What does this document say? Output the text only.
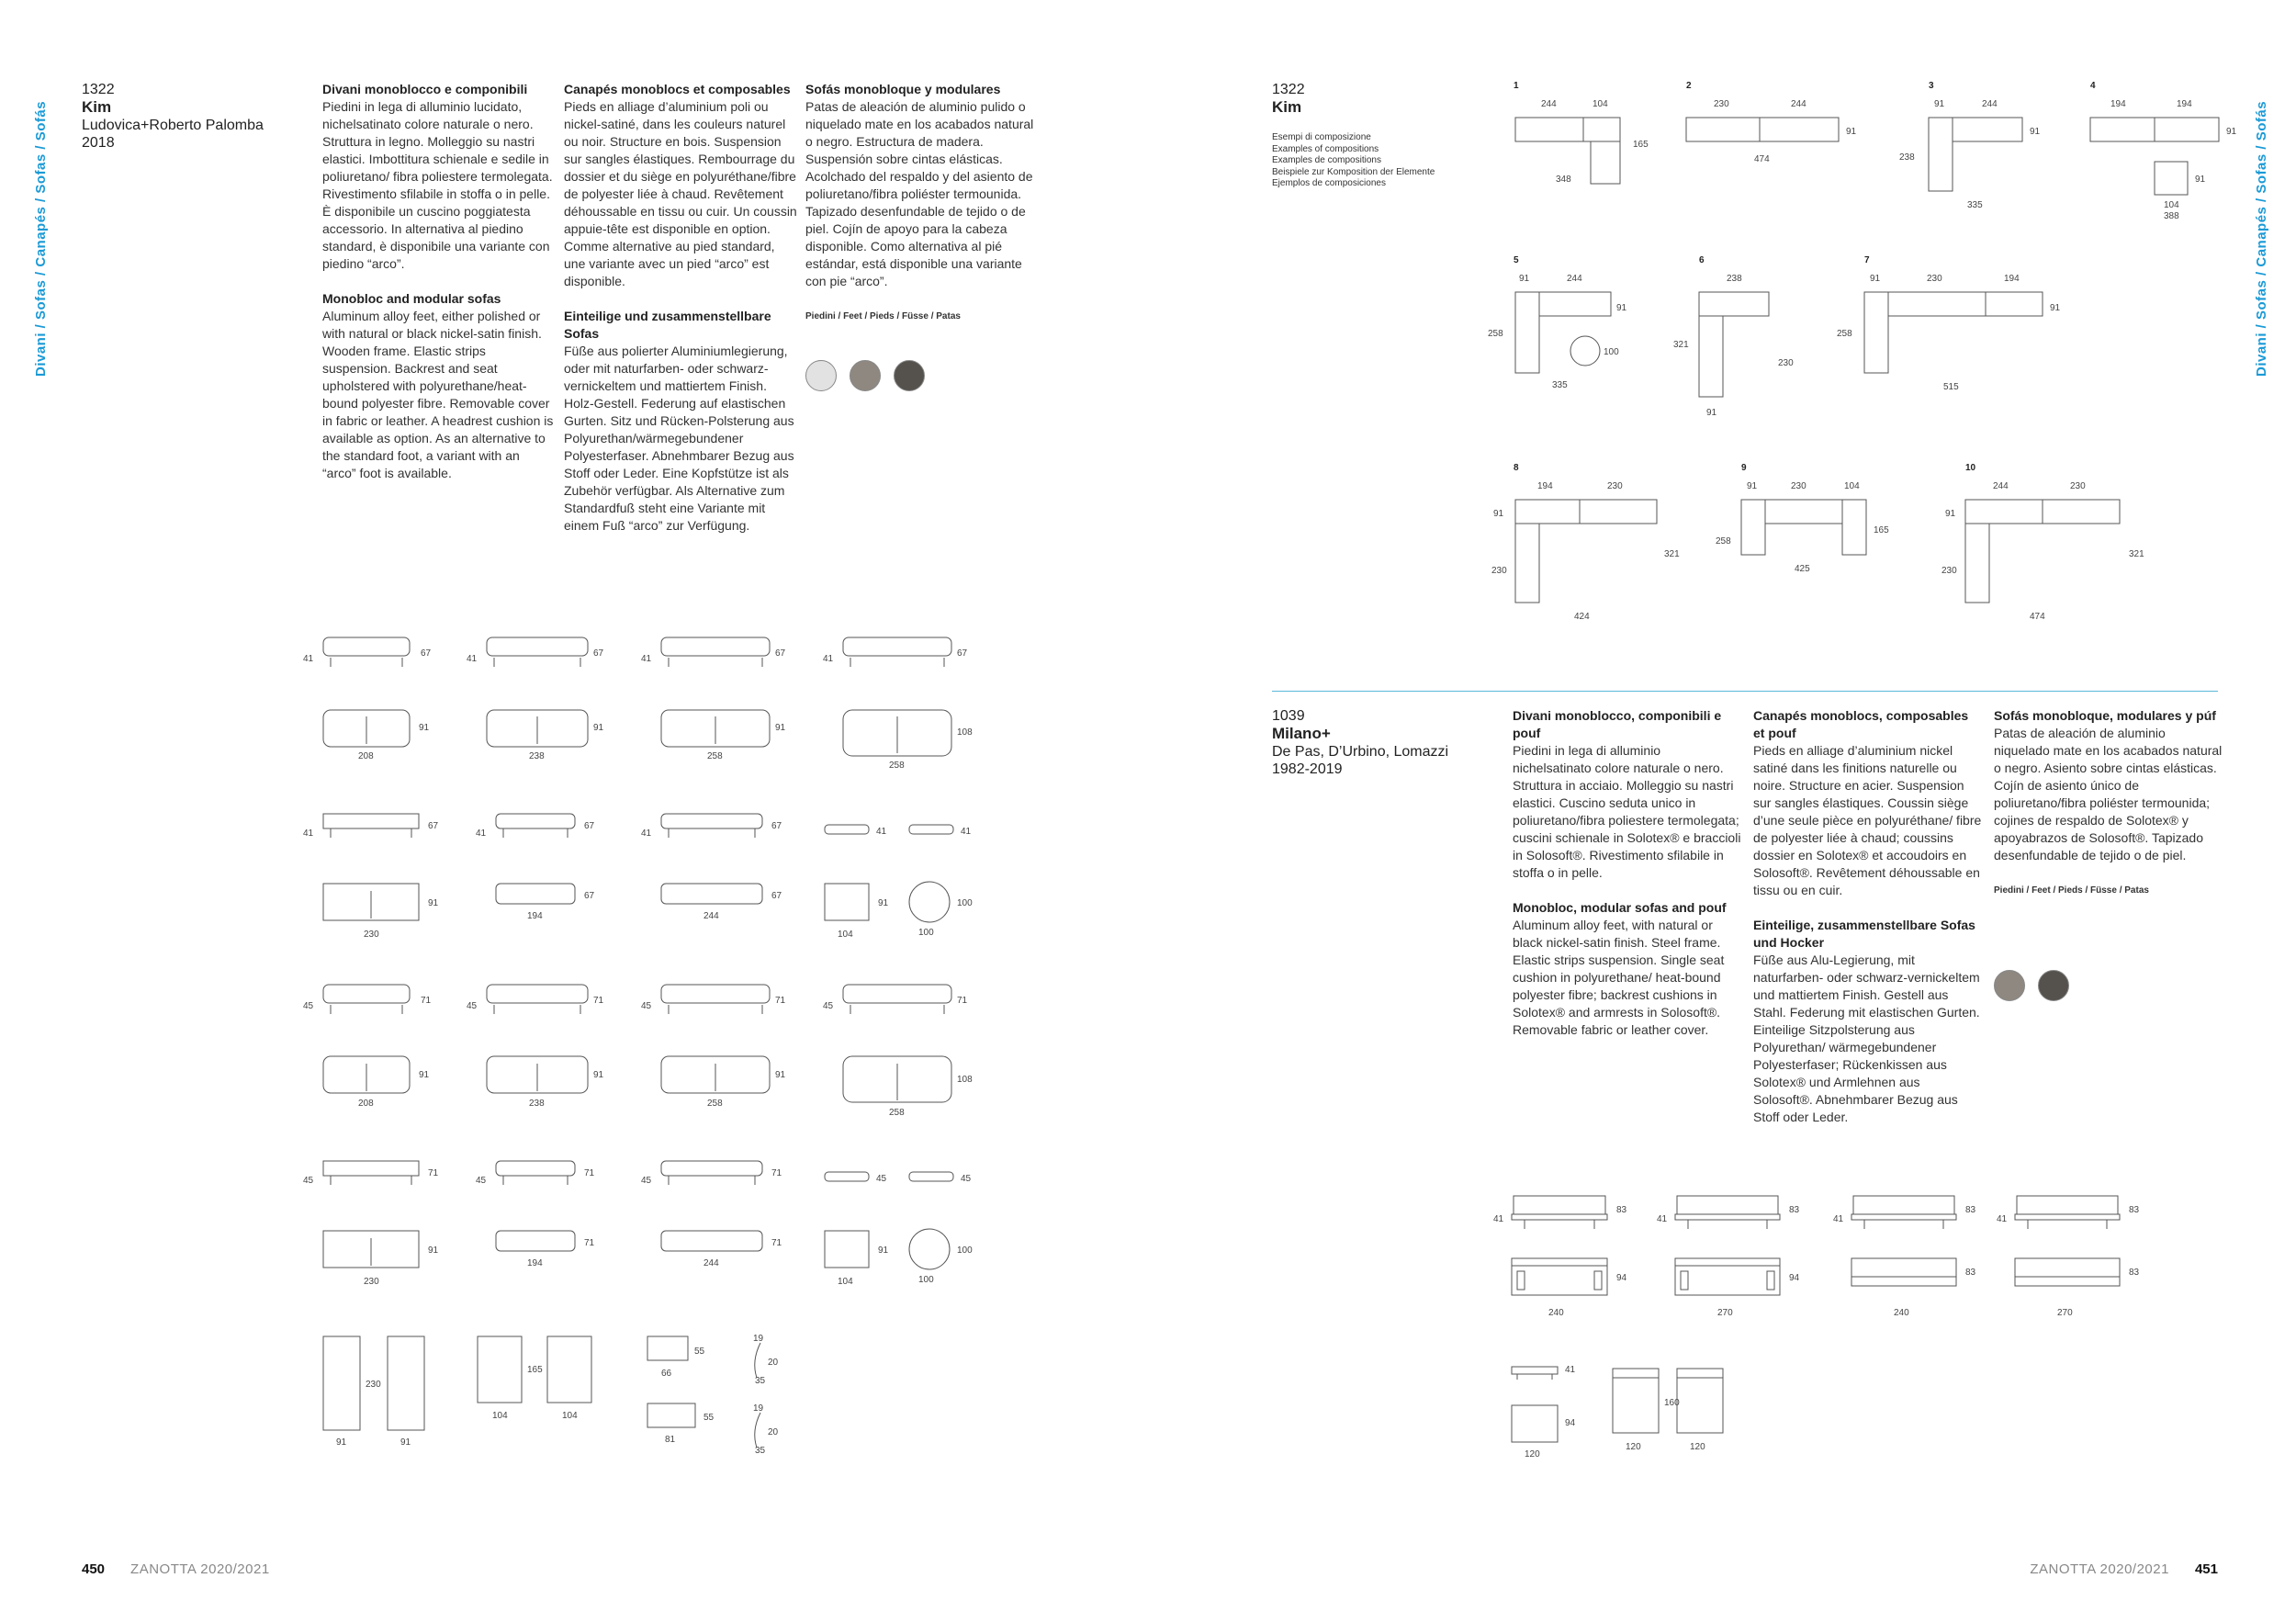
Divani / Sofas / Canapés / Sofas / Sofás	Divani / Sofas / Canapés / Sofas / Sofás
1322
Kim
Ludovica+Roberto Palomba
2018
Divani monoblocco e componibili

Piedini in lega di alluminio lucidato, nichelsatinato colore naturale o nero. Struttura in legno. Molleggio su nastri elastici. Imbottitura schienale e sedile in poliuretano/ fibra poliestere termolegata. Rivestimento sfilabile in stoffa o in pelle. È disponibile un cuscino poggiatesta accessorio. In alternativa al piedino standard, è disponibile una variante con piedino “arco”.

Monobloc and modular sofas

Aluminum alloy feet, either polished or with natural or black nickel-satin finish. Wooden frame. Elastic strips suspension. Backrest and seat upholstered with polyurethane/heat-bound polyester fibre. Removable cover in fabric or leather. A headrest cushion is available as option. As an alternative to the standard foot, a variant with an “arco” foot is available.

Canapés monoblocs et composables

Pieds en alliage d’aluminium poli ou nickel-satiné, dans les couleurs naturel ou noir. Structure en bois. Suspension sur sangles élastiques. Rembourrage du dossier et du siège en polyuréthane/fibre de polyester liée à chaud. Revêtement déhoussable en tissu ou cuir. Un coussin appuie-tête est disponible en option. Comme alternative au pied standard, une variante avec un pied “arco” est disponible.

Einteilige und zusammenstellbare Sofas

Füße aus polierter Aluminiumlegierung, oder mit naturfarben- oder schwarz-vernickeltem und mattiertem Finish. Holz-Gestell. Federung auf elastischen Gurten. Sitz und Rücken-Polsterung aus Polyurethan/wärmegebundener Polyesterfaser. Abnehmbarer Bezug aus Stoff oder Leder. Eine Kopfstütze ist als Zubehör verfügbar. Als Alternative zum Standardfuß steht eine Variante mit einem Fuß “arco” zur Verfügung.

Sofás monobloque y modulares

Patas de aleación de aluminio pulido o niquelado mate en los acabados natural o negro. Estructura de madera. Suspensión sobre cintas elásticas. Acolchado del respaldo y del asiento de poliuretano/fibra poliéster termounida. Tapizado desenfundable de tejido o de piel. Cojín de apoyo para la cabeza disponible. Como alternativa al pié estándar, está disponible una variante con pie “arco”.

Piedini / Feet / Pieds / Füsse / Patas
41
67
41
67
41
67
41
67
91
208
91
238
91
258
108
258
41
67
41
67
41
67
41	41
91
230
67
194
67
244
91
104
100
100
45
71
45
71
45
71
45
71
91
208
91
238
91
258
108
258
45
71
45
71
45
71
45	45
91
230
71
194
71
244
91
104
100
100
230
91	91
165
104	104
55
66
19
20
35
55
81
19
20
35
450 ZANOTTA 2020/2021
1322
Kim
Esempi di composizione
Examples of compositions
Examples de compositions
Beispiele zur Komposition der Elemente
Ejemplos de composiciones
1
244	104
165
348
2
230	244
91
474
3
91	244
91
238
335
4
194	194
91
91
104
388
5
91	244
91
258
100
335
6
238
321
230
91
7
91	230	194
91
258
515
8
194	230
91
230
321
424
9
91	230	104
165
258
425
10
244	230
91
230
321
474
1039
Milano+
De Pas, D’Urbino, Lomazzi
1982-2019
Divani monoblocco, componibili e pouf

Piedini in lega di alluminio nichelsatinato colore naturale o nero. Struttura in acciaio. Molleggio su nastri elastici. Cuscino seduta unico in poliuretano/fibra poliestere termolegata; cuscini schienale in Solotex® e braccioli in Solosoft®. Rivestimento sfilabile in stoffa o in pelle.

Monobloc, modular sofas and pouf

Aluminum alloy feet, with natural or black nickel-satin finish. Steel frame. Elastic strips suspension. Single seat cushion in polyurethane/ heat-bound polyester fibre; backrest cushions in Solotex® and armrests in Solosoft®. Removable fabric or leather cover.

Canapés monoblocs, composables et pouf

Pieds en alliage d’aluminium nickel satiné dans les finitions naturelle ou noire. Structure en acier. Suspension sur sangles élastiques. Coussin siège d’une seule pièce en polyuréthane/ fibre de polyester liée à chaud; coussins dossier en Solotex® et accoudoirs en Solosoft®. Revêtement déhoussable en tissu ou en cuir.

Einteilige, zusammenstellbare Sofas und Hocker

Füße aus Alu-Legierung, mit naturfarben- oder schwarz-vernickeltem und mattiertem Finish. Gestell aus Stahl. Federung mit elastischen Gurten. Einteilige Sitzpolsterung aus Polyurethan/ wärmegebundener Polyesterfaser; Rückenkissen aus Solotex® und Armlehnen aus Solosoft®. Abnehmbarer Bezug aus Stoff oder Leder.

Sofás monobloque, modulares y púf

Patas de aleación de aluminio niquelado mate en los acabados natural o negro. Asiento sobre cintas elásticas. Cojín de asiento único de poliuretano/fibra poliéster termounida; cojines de respaldo de Solotex® y apoyabrazos de Solosoft®. Tapizado desenfundable de tejido o de piel.

Piedini / Feet / Pieds / Füsse / Patas
41
83
41
83
41
83
41
83
94
240
94
270
83
240
83
270
41
94
120
160
120	120
ZANOTTA 2020/2021 451
